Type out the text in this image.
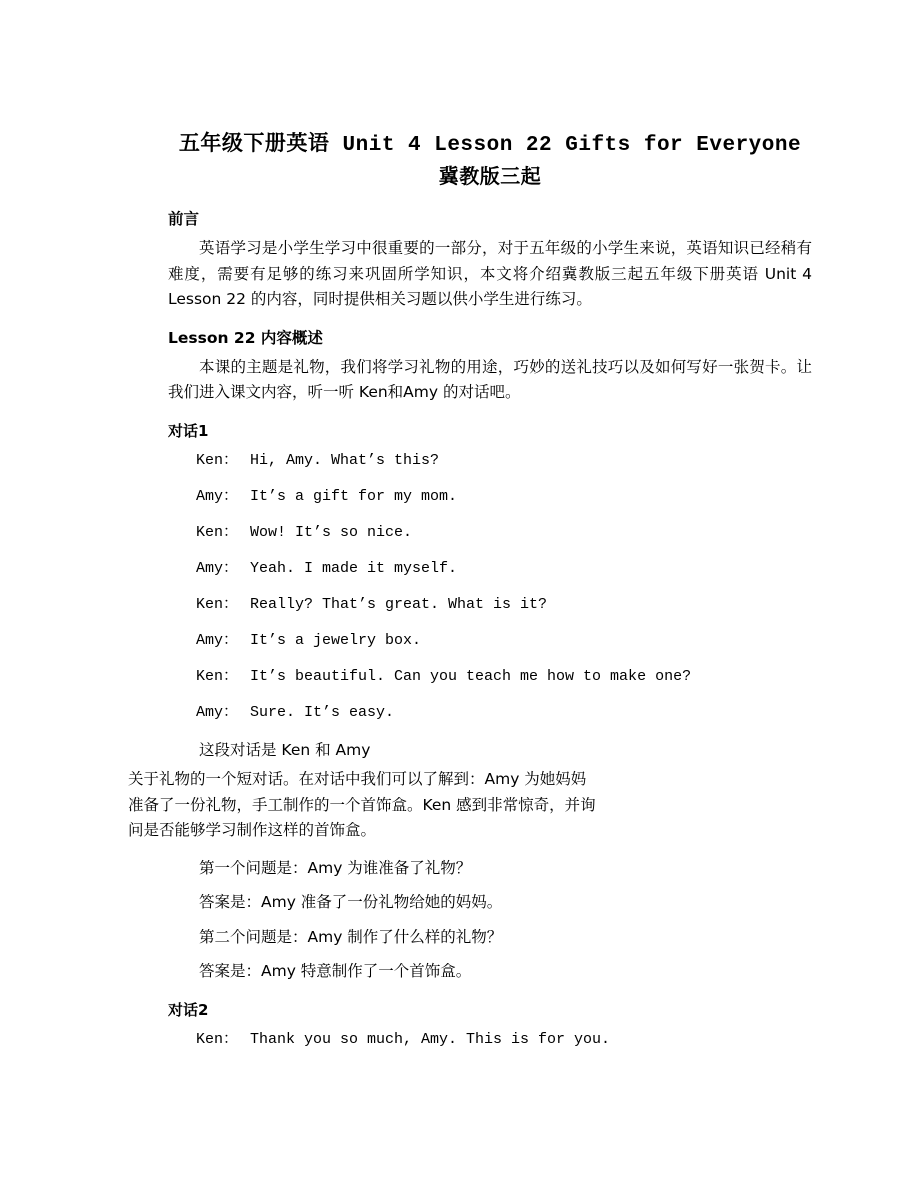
五年级下册英语 Unit 4 Lesson 22 Gifts for Everyone
冀教版三起
前言

英语学习是小学生学习中很重要的一部分，对于五年级的小学生来说，英语知识已经稍有难度，需要有足够的练习来巩固所学知识，本文将介绍冀教版三起五年级下册英语 Unit 4 Lesson 22 的内容，同时提供相关习题以供小学生进行练习。

Lesson 22 内容概述

本课的主题是礼物，我们将学习礼物的用途，巧妙的送礼技巧以及如何写好一张贺卡。让我们进入课文内容，听一听 Ken和Amy 的对话吧。

对话1

Ken： Hi, Amy. What’s this?

Amy： It’s a gift for my mom.

Ken： Wow! It’s so nice.

Amy： Yeah. I made it myself.

Ken： Really? That’s great. What is it?

Amy： It’s a jewelry box.

Ken： It’s beautiful. Can you teach me how to make one?

Amy： Sure. It’s easy.

这段对话是 Ken 和 Amy

关于礼物的一个短对话。在对话中我们可以了解到：Amy 为她妈妈准备了一份礼物，手工制作的一个首饰盒。Ken 感到非常惊奇，并询问是否能够学习制作这样的首饰盒。

第一个问题是：Amy 为谁准备了礼物？

答案是：Amy 准备了一份礼物给她的妈妈。

第二个问题是：Amy 制作了什么样的礼物？

答案是：Amy 特意制作了一个首饰盒。

对话2

Ken： Thank you so much, Amy. This is for you.
